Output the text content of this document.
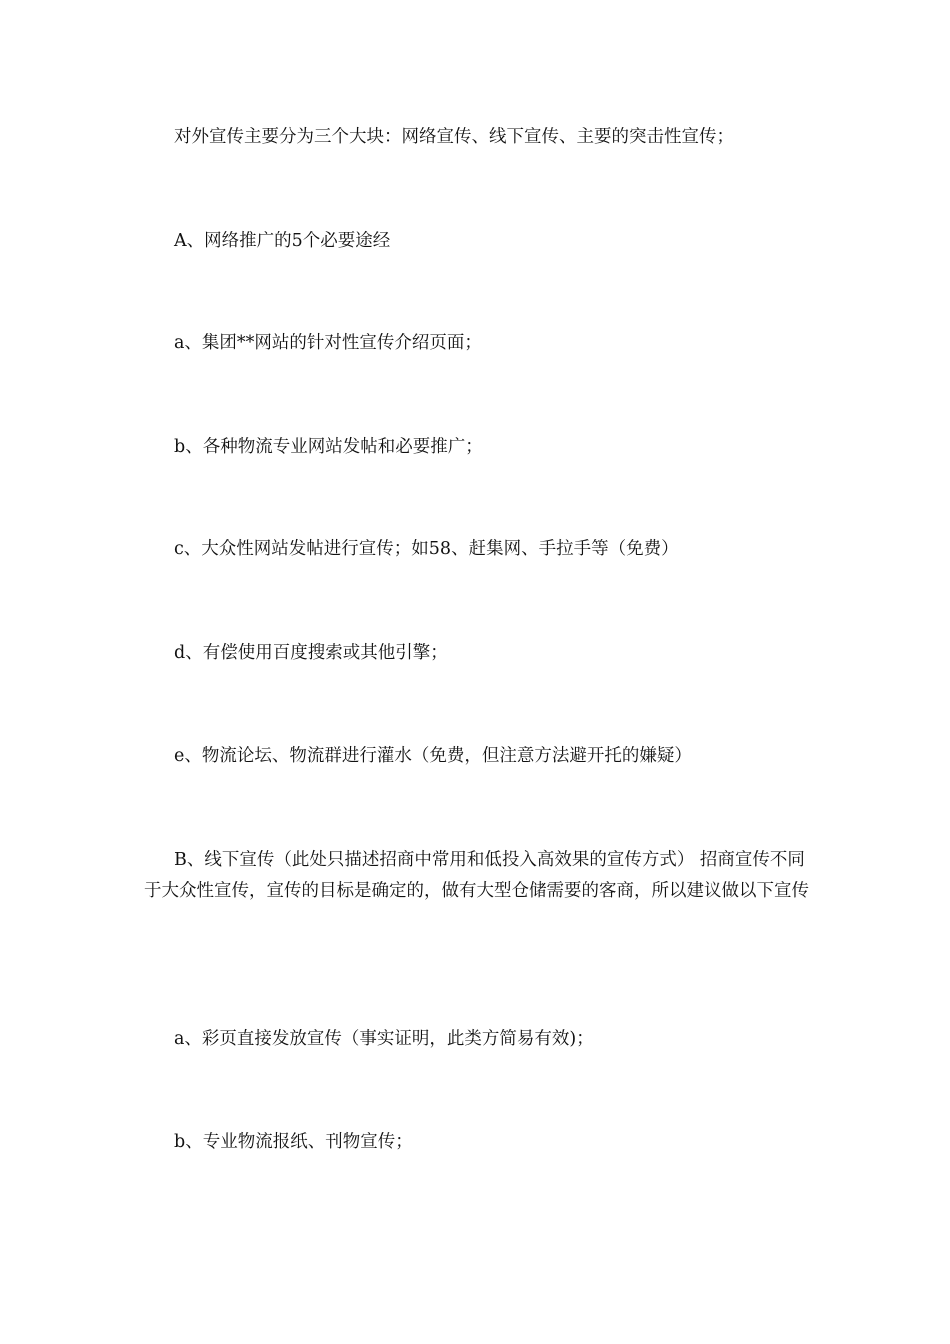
对外宣传主要分为三个大块：网络宣传、线下宣传、主要的突击性宣传；

A、网络推广的5个必要途经

a、集团**网站的针对性宣传介绍页面；

b、各种物流专业网站发帖和必要推广；

c、大众性网站发帖进行宣传；如58、赶集网、手拉手等（免费）

d、有偿使用百度搜索或其他引擎；

e、物流论坛、物流群进行灌水（免费，但注意方法避开托的嫌疑）

B、线下宣传（此处只描述招商中常用和低投入高效果的宣传方式） 招商宣传不同于大众性宣传，宣传的目标是确定的，做有大型仓储需要的客商，所以建议做以下宣传

a、彩页直接发放宣传（事实证明，此类方简易有效)；

b、专业物流报纸、刊物宣传；
